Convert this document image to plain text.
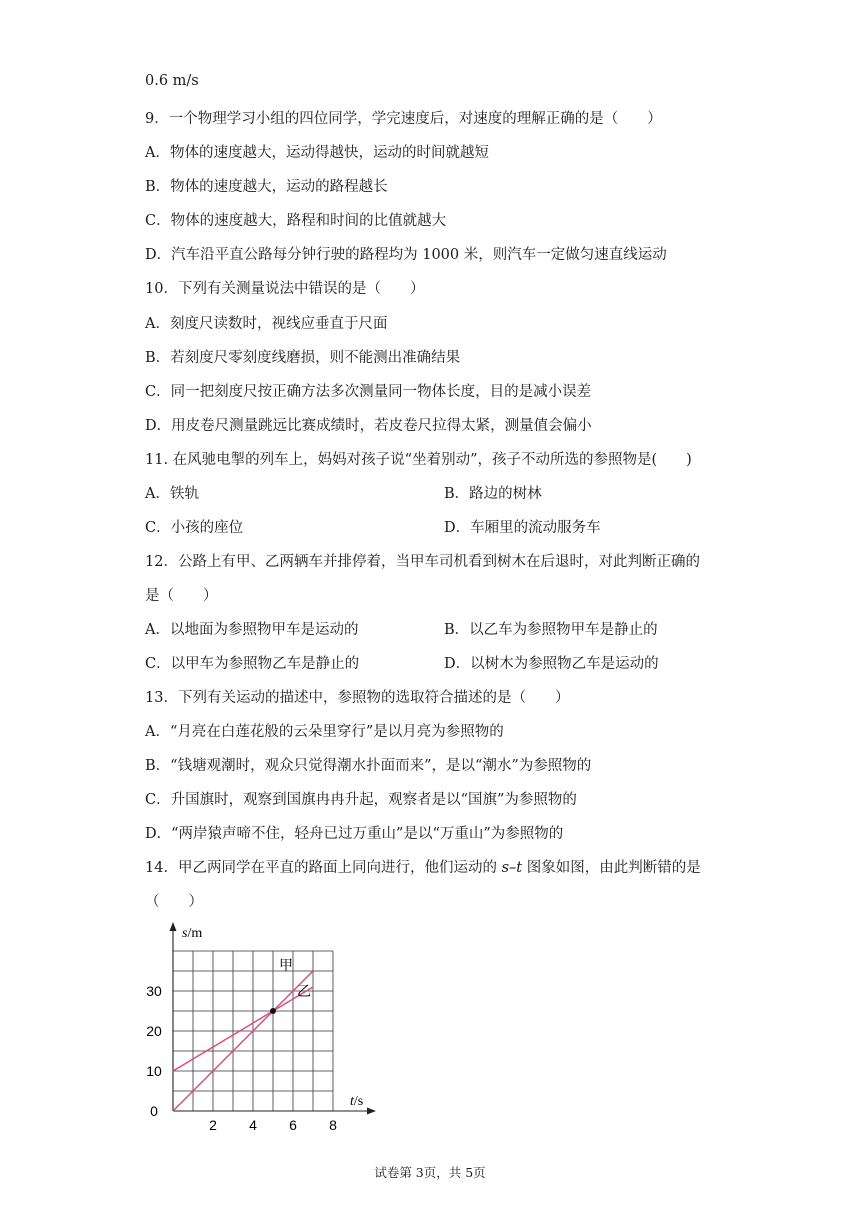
0.6 m/s
9．一个物理学习小组的四位同学，学完速度后，对速度的理解正确的是（　　）
A．物体的速度越大，运动得越快，运动的时间就越短
B．物体的速度越大，运动的路程越长
C．物体的速度越大，路程和时间的比值就越大
D．汽车沿平直公路每分钟行驶的路程均为 1000 米，则汽车一定做匀速直线运动
10．下列有关测量说法中错误的是（　　）
A．刻度尺读数时，视线应垂直于尺面
B．若刻度尺零刻度线磨损，则不能测出准确结果
C．同一把刻度尺按正确方法多次测量同一物体长度，目的是减小误差
D．用皮卷尺测量跳远比赛成绩时，若皮卷尺拉得太紧，测量值会偏小
11. 在风驰电掣的列车上，妈妈对孩子说“坐着别动”，孩子不动所选的参照物是(　　)
A．铁轨	B．路边的树林
C．小孩的座位	D．车厢里的流动服务车
12．公路上有甲、乙两辆车并排停着，当甲车司机看到树木在后退时，对此判断正确的
是（　　）
A．以地面为参照物甲车是运动的	B．以乙车为参照物甲车是静止的
C．以甲车为参照物乙车是静止的	D．以树木为参照物乙车是运动的
13．下列有关运动的描述中，参照物的选取符合描述的是（　　）
A．“月亮在白莲花般的云朵里穿行”是以月亮为参照物的
B．“钱塘观潮时，观众只觉得潮水扑面而来”，是以“潮水”为参照物的
C．升国旗时，观察到国旗冉冉升起，观察者是以“国旗”为参照物的
D．“两岸猿声啼不住，轻舟已过万重山”是以“万重山”为参照物的
14．甲乙两同学在平直的路面上同向进行，他们运动的 s–t 图象如图，由此判断错的是
（　　）
s/m
t/s
0
10
20
30
2 4 6 8
甲
乙
试卷第 3页，共 5页
